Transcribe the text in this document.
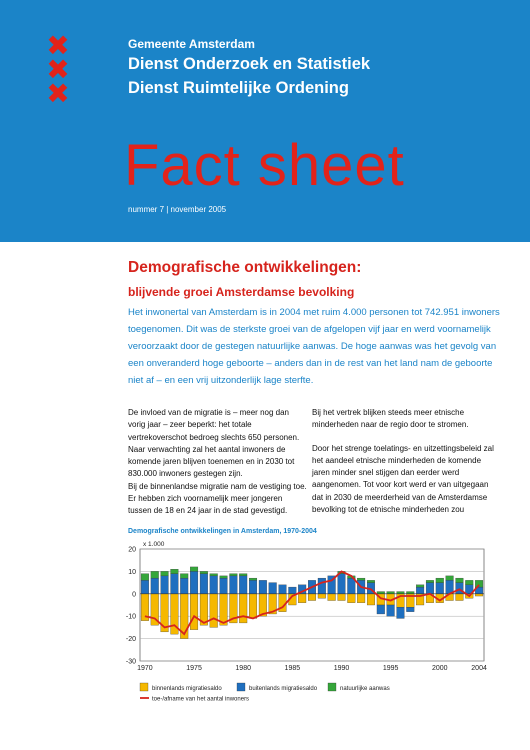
✖
✖
✖
Gemeente Amsterdam
Dienst Onderzoek en Statistiek
Dienst Ruimtelijke Ordening
Fact sheet
nummer 7 | november 2005
Demografische ontwikkelingen:
blijvende groei Amsterdamse bevolking
Het inwonertal van Amsterdam is in 2004 met ruim 4.000 personen tot 742.951 inwoners toegenomen. Dit was de sterkste groei van de afgelopen vijf jaar en werd voornamelijk veroorzaakt door de gestegen natuurlijke aanwas. De hoge aanwas was het gevolg van een onveranderd hoge geboorte – anders dan in de rest van het land nam de geboorte niet af – en een vrij uitzonderlijk lage sterfte.

De invloed van de migratie is – meer nog dan vorig jaar – zeer beperkt: het totale vertrekoverschot bedroeg slechts 650 personen.

Naar verwachting zal het aantal inwoners de komende jaren blijven toenemen en in 2030 tot 830.000 inwoners gestegen zijn.

Bij de binnenlandse migratie nam de vestiging toe. Er hebben zich voornamelijk meer jongeren tussen de 18 en 24 jaar in de stad gevestigd.

Bij het vertrek blijken steeds meer etnische minderheden naar de regio door te stromen.

Door het strenge toelatings- en uitzettingsbeleid zal het aandeel etnische minderheden de komende jaren minder snel stijgen dan eerder werd aangenomen. Tot voor kort werd er van uitgegaan dat in 2030 de meerderheid van de Amsterdamse bevolking tot de etnische minderheden zou

Demografische ontwikkelingen in Amsterdam, 1970-2004
20
10
0
-10
-20
-30
x 1.000
1970	1975	1980	1985	1990	1995	2000	2004
binnenlands migratiesaldo	buitenlands migratiesaldo	natuurlijke aanwas
toe-/afname van het aantal inwoners
